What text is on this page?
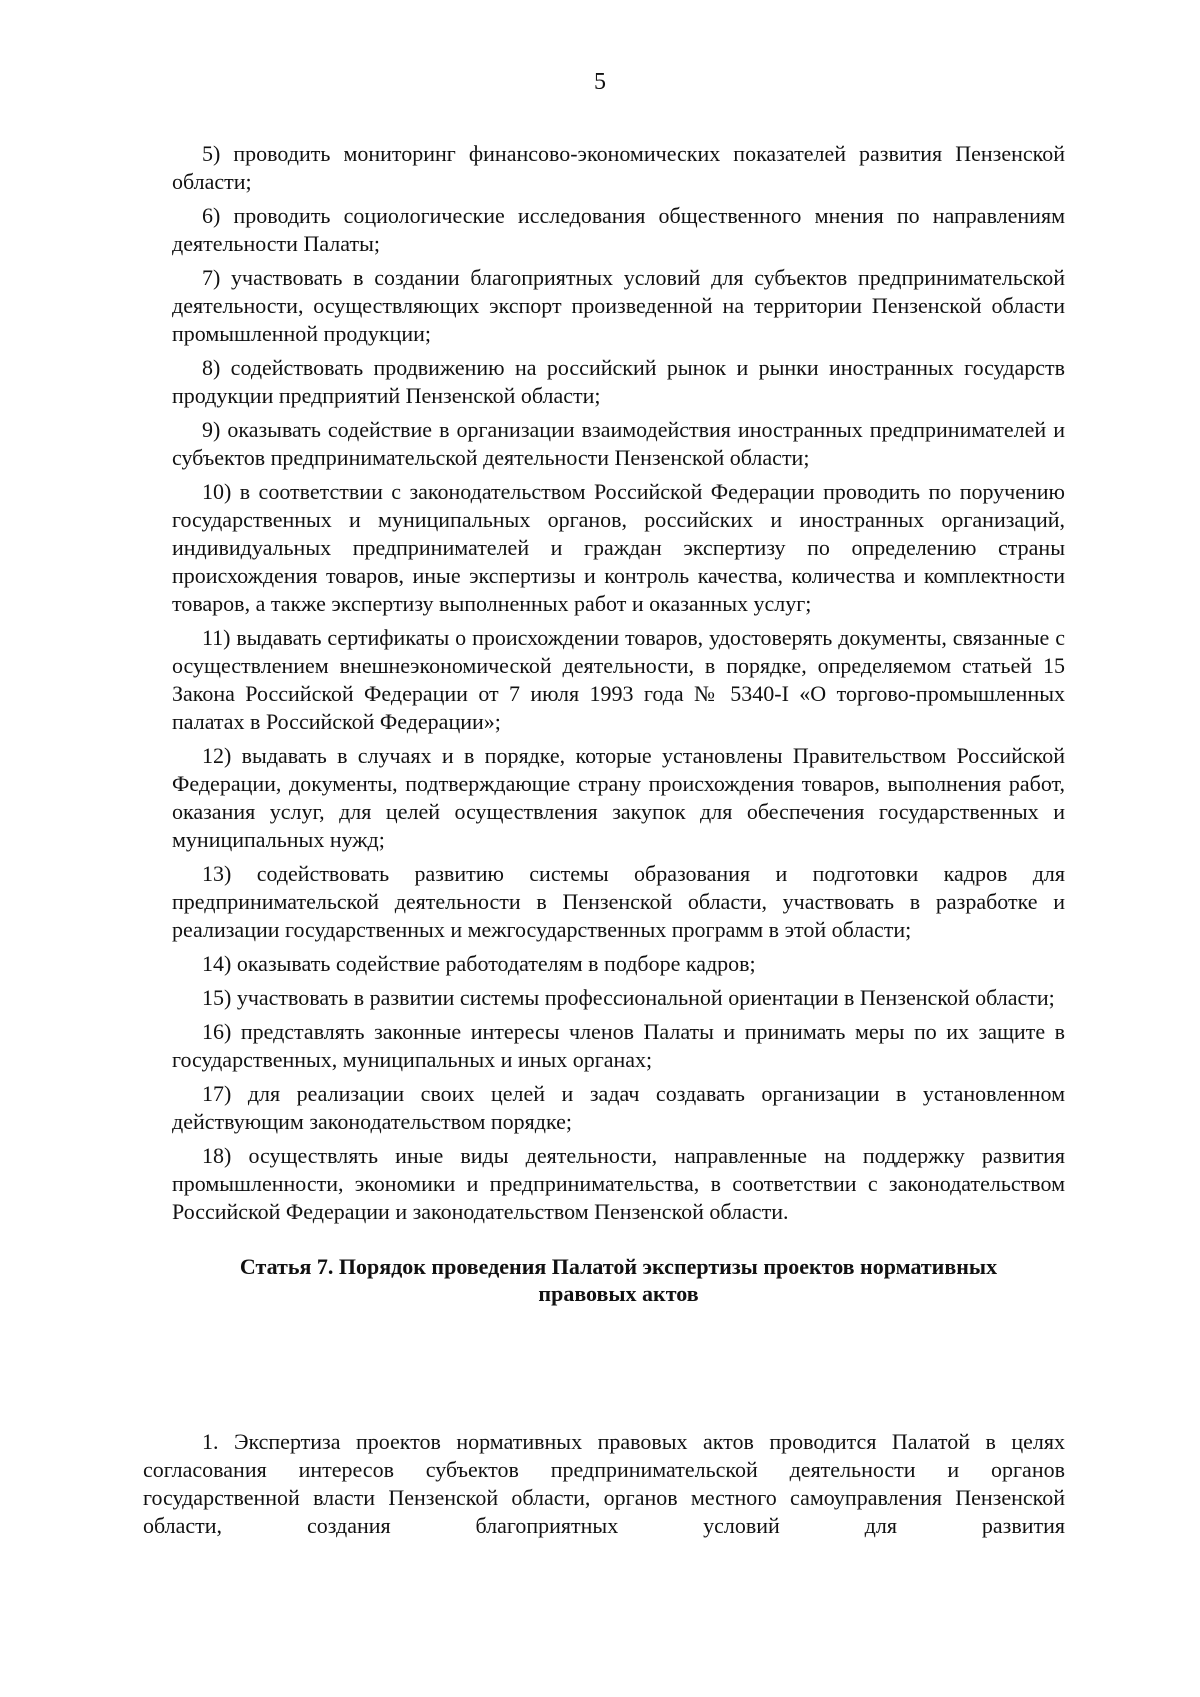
5

5) проводить мониторинг финансово-экономических показателей развития Пензенской области;

6) проводить социологические исследования общественного мнения по направлениям деятельности Палаты;

7) участвовать в создании благоприятных условий для субъектов предпринимательской деятельности, осуществляющих экспорт произведенной на территории Пензенской области промышленной продукции;

8) содействовать продвижению на российский рынок и рынки иностранных государств продукции предприятий Пензенской области;

9) оказывать содействие в организации взаимодействия иностранных предпринимателей и субъектов предпринимательской деятельности Пензенской области;

10) в соответствии с законодательством Российской Федерации проводить по поручению государственных и муниципальных органов, российских и иностранных организаций, индивидуальных предпринимателей и граждан экспертизу по определению страны происхождения товаров, иные экспертизы и контроль качества, количества и комплектности товаров, а также экспертизу выполненных работ и оказанных услуг;

11) выдавать сертификаты о происхождении товаров, удостоверять документы, связанные с осуществлением внешнеэкономической деятельности, в порядке, определяемом статьей 15 Закона Российской Федерации от 7 июля 1993 года № 5340-I «О торгово-промышленных палатах в Российской Федерации»;

12) выдавать в случаях и в порядке, которые установлены Правительством Российской Федерации, документы, подтверждающие страну происхождения товаров, выполнения работ, оказания услуг, для целей осуществления закупок для обеспечения государственных и муниципальных нужд;

13) содействовать развитию системы образования и подготовки кадров для предпринимательской деятельности в Пензенской области, участвовать в разработке и реализации государственных и межгосударственных программ в этой области;

14) оказывать содействие работодателям в подборе кадров;

15) участвовать в развитии системы профессиональной ориентации в Пензенской области;

16) представлять законные интересы членов Палаты и принимать меры по их защите в государственных, муниципальных и иных органах;

17) для реализации своих целей и задач создавать организации в установленном действующим законодательством порядке;

18) осуществлять иные виды деятельности, направленные на поддержку развития промышленности, экономики и предпринимательства, в соответствии с законодательством Российской Федерации и законодательством Пензенской области.

Статья 7. Порядок проведения Палатой экспертизы проектов нормативных правовых актов

1. Экспертиза проектов нормативных правовых актов проводится Палатой в целях согласования интересов субъектов предпринимательской деятельности и органов государственной власти Пензенской области, органов местного самоуправления Пензенской области, создания благоприятных условий для развития
